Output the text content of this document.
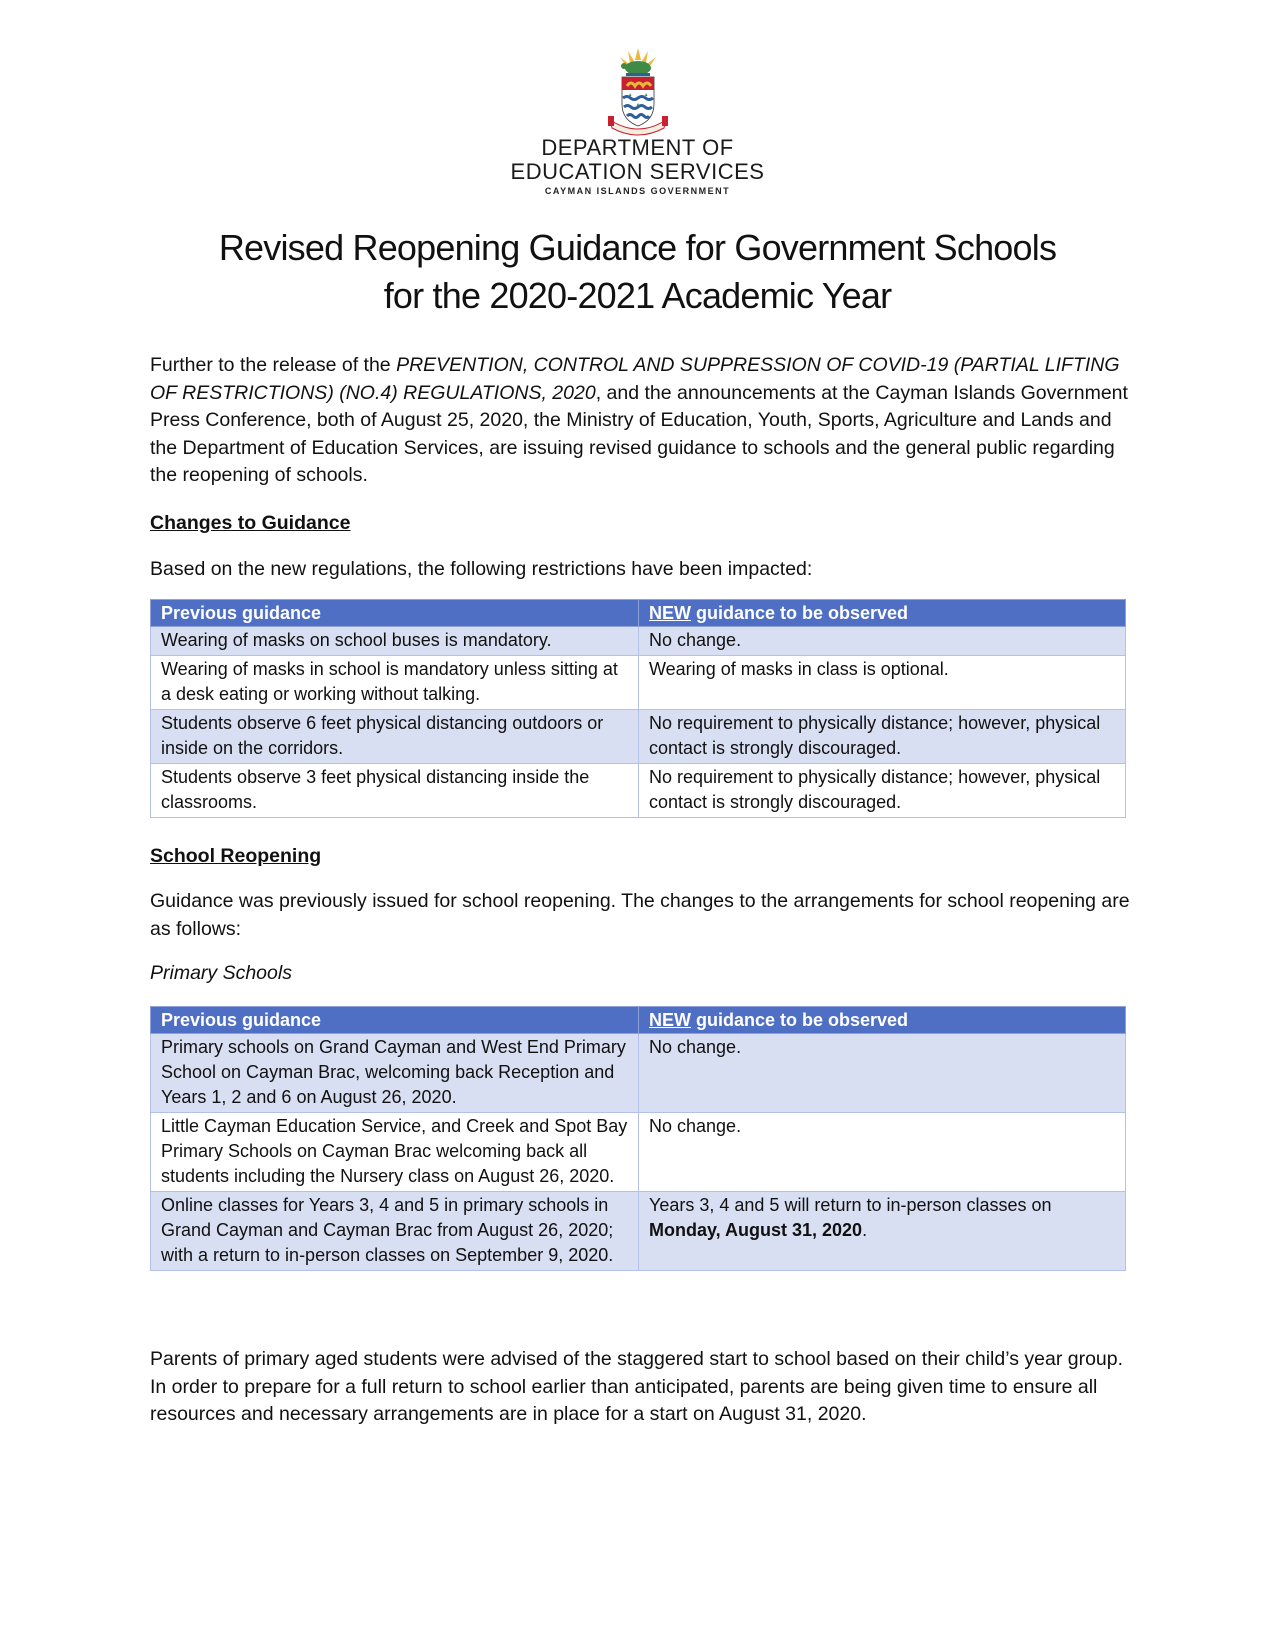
DEPARTMENT OF
EDUCATION SERVICES
CAYMAN ISLANDS GOVERNMENT
Revised Reopening Guidance for Government Schools
for the 2020-2021 Academic Year
Further to the release of the PREVENTION, CONTROL AND SUPPRESSION OF COVID-19 (PARTIAL LIFTING OF RESTRICTIONS) (NO.4) REGULATIONS, 2020, and the announcements at the Cayman Islands Government Press Conference, both of August 25, 2020, the Ministry of Education, Youth, Sports, Agriculture and Lands and the Department of Education Services, are issuing revised guidance to schools and the general public regarding the reopening of schools.
Changes to Guidance
Based on the new regulations, the following restrictions have been impacted:
Previous guidance	NEW guidance to be observed
Wearing of masks on school buses is mandatory.	No change.
Wearing of masks in school is mandatory unless sitting at a desk eating or working without talking.	Wearing of masks in class is optional.
Students observe 6 feet physical distancing outdoors or inside on the corridors.	No requirement to physically distance; however, physical contact is strongly discouraged.
Students observe 3 feet physical distancing inside the classrooms.	No requirement to physically distance; however, physical contact is strongly discouraged.
School Reopening
Guidance was previously issued for school reopening. The changes to the arrangements for school reopening are as follows:
Primary Schools
Previous guidance	NEW guidance to be observed
Primary schools on Grand Cayman and West End Primary School on Cayman Brac, welcoming back Reception and Years 1, 2 and 6 on August 26, 2020.	No change.
Little Cayman Education Service, and Creek and Spot Bay Primary Schools on Cayman Brac welcoming back all students including the Nursery class on August 26, 2020.	No change.
Online classes for Years 3, 4 and 5 in primary schools in Grand Cayman and Cayman Brac from August 26, 2020; with a return to in-person classes on September 9, 2020.	Years 3, 4 and 5 will return to in-person classes on Monday, August 31, 2020.
Parents of primary aged students were advised of the staggered start to school based on their child’s year group. In order to prepare for a full return to school earlier than anticipated, parents are being given time to ensure all resources and necessary arrangements are in place for a start on August 31, 2020.
